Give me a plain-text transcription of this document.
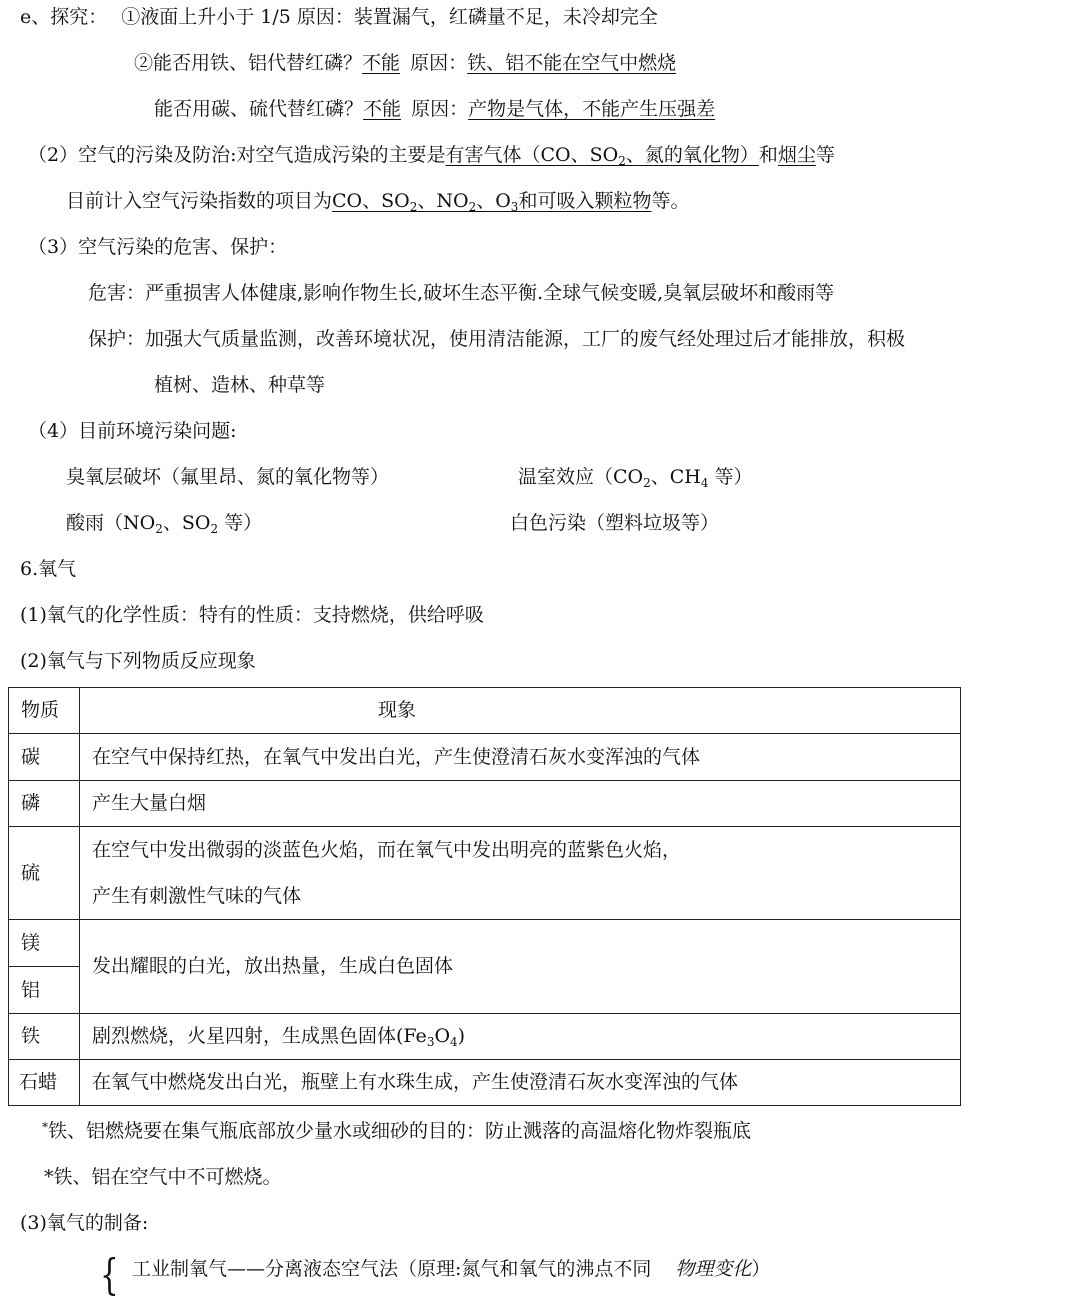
e、探究： ①液面上升小于 1/5 原因：装置漏气，红磷量不足，未冷却完全
②能否用铁、铝代替红磷？不能 原因：铁、铝不能在空气中燃烧
能否用碳、硫代替红磷？不能 原因：产物是气体，不能产生压强差
（2）空气的污染及防治:对空气造成污染的主要是有害气体（CO、$SO_2$、氮的氧化物）和烟尘等
目前计入空气污染指数的项目为CO、$SO_2$、$NO_2$、$O_3$和可吸入颗粒物等。
（3）空气污染的危害、保护：
危害：严重损害人体健康,影响作物生长,破坏生态平衡.全球气候变暖,臭氧层破坏和酸雨等
保护：加强大气质量监测，改善环境状况，使用清洁能源，工厂的废气经处理过后才能排放，积极
植树、造林、种草等
（4）目前环境污染问题:
臭氧层破坏（氟里昂、氮的氧化物等）	温室效应（$CO_2$、$CH_4$ 等）
酸雨（$NO_2$、$SO_2$ 等）	白色污染（塑料垃圾等）
6.氧气
(1)氧气的化学性质：特有的性质：支持燃烧，供给呼吸
(2)氧气与下列物质反应现象
物质	现象
碳	在空气中保持红热，在氧气中发出白光，产生使澄清石灰水变浑浊的气体
磷	产生大量白烟
硫	在空气中发出微弱的淡蓝色火焰，而在氧气中发出明亮的蓝紫色火焰，
产生有刺激性气味的气体

镁	发出耀眼的白光，放出热量，生成白色固体
铝	
铁	剧烈燃烧，火星四射，生成黑色固体$(Fe_3O_4)$
石蜡	在氧气中燃烧发出白光，瓶壁上有水珠生成，产生使澄清石灰水变浑浊的气体
*铁、铝燃烧要在集气瓶底部放少量水或细砂的目的：防止溅落的高温熔化物炸裂瓶底
*铁、铝在空气中不可燃烧。
(3)氧气的制备:
{ 工业制氧气——分离液态空气法（原理:氮气和氧气的沸点不同 物理变化）
